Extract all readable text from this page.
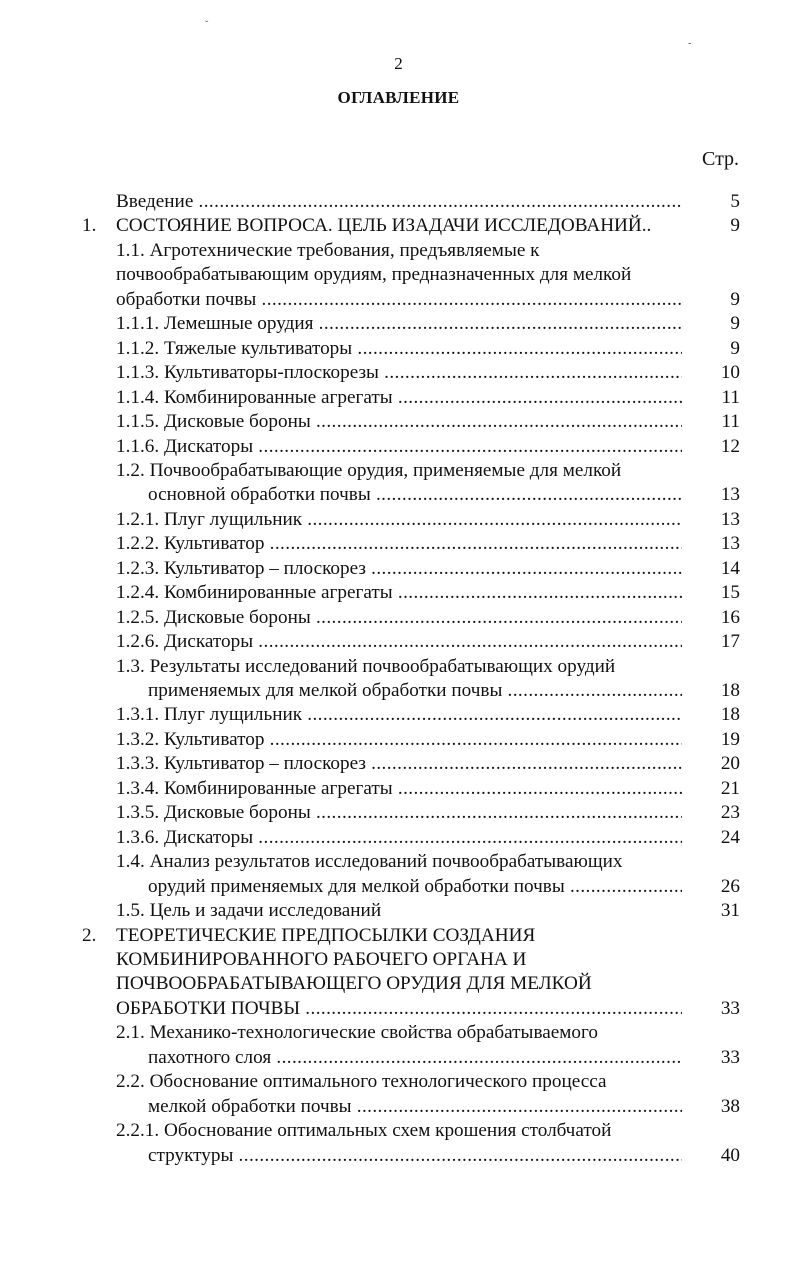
2
ОГЛАВЛЕНИЕ
Стр.
Введение .....	5
1. СОСТОЯНИЕ ВОПРОСА. ЦЕЛЬ ИЗАДАЧИ ИССЛЕДОВАНИЙ..	9
1.1. Агротехнические требования, предъявляемые к
почвообрабатывающим орудиям, предназначенных для мелкой
обработки почвы .....	9
1.1.1. Лемешные орудия .....	9
1.1.2. Тяжелые культиваторы .....	9
1.1.3. Культиваторы-плоскорезы .....	10
1.1.4. Комбинированные агрегаты .....	11
1.1.5. Дисковые бороны .....	11
1.1.6. Дискаторы .....	12
1.2. Почвообрабатывающие орудия, применяемые для мелкой
основной обработки почвы .....	13
1.2.1. Плуг лущильник .....	13
1.2.2. Культиватор .....	13
1.2.3. Культиватор – плоскорез .....	14
1.2.4. Комбинированные агрегаты .....	15
1.2.5. Дисковые бороны .....	16
1.2.6. Дискаторы .....	17
1.3. Результаты исследований почвообрабатывающих орудий
применяемых для мелкой обработки почвы .....	18
1.3.1. Плуг лущильник .....	18
1.3.2. Культиватор .....	19
1.3.3. Культиватор – плоскорез .....	20
1.3.4. Комбинированные агрегаты .....	21
1.3.5. Дисковые бороны .....	23
1.3.6. Дискаторы .....	24
1.4. Анализ результатов исследований почвообрабатывающих
орудий применяемых для мелкой обработки почвы .....	26
1.5. Цель и задачи исследований	31
2. ТЕОРЕТИЧЕСКИЕ ПРЕДПОСЫЛКИ СОЗДАНИЯ
КОМБИНИРОВАННОГО РАБОЧЕГО ОРГАНА И
ПОЧВООБРАБАТЫВАЮЩЕГО ОРУДИЯ ДЛЯ МЕЛКОЙ
ОБРАБОТКИ ПОЧВЫ .....	33
2.1. Механико-технологические свойства обрабатываемого
пахотного слоя .....	33
2.2. Обоснование оптимального технологического процесса
мелкой обработки почвы .....	38
2.2.1. Обоснование оптимальных схем крошения столбчатой
структуры .....	40
ˇ
-
